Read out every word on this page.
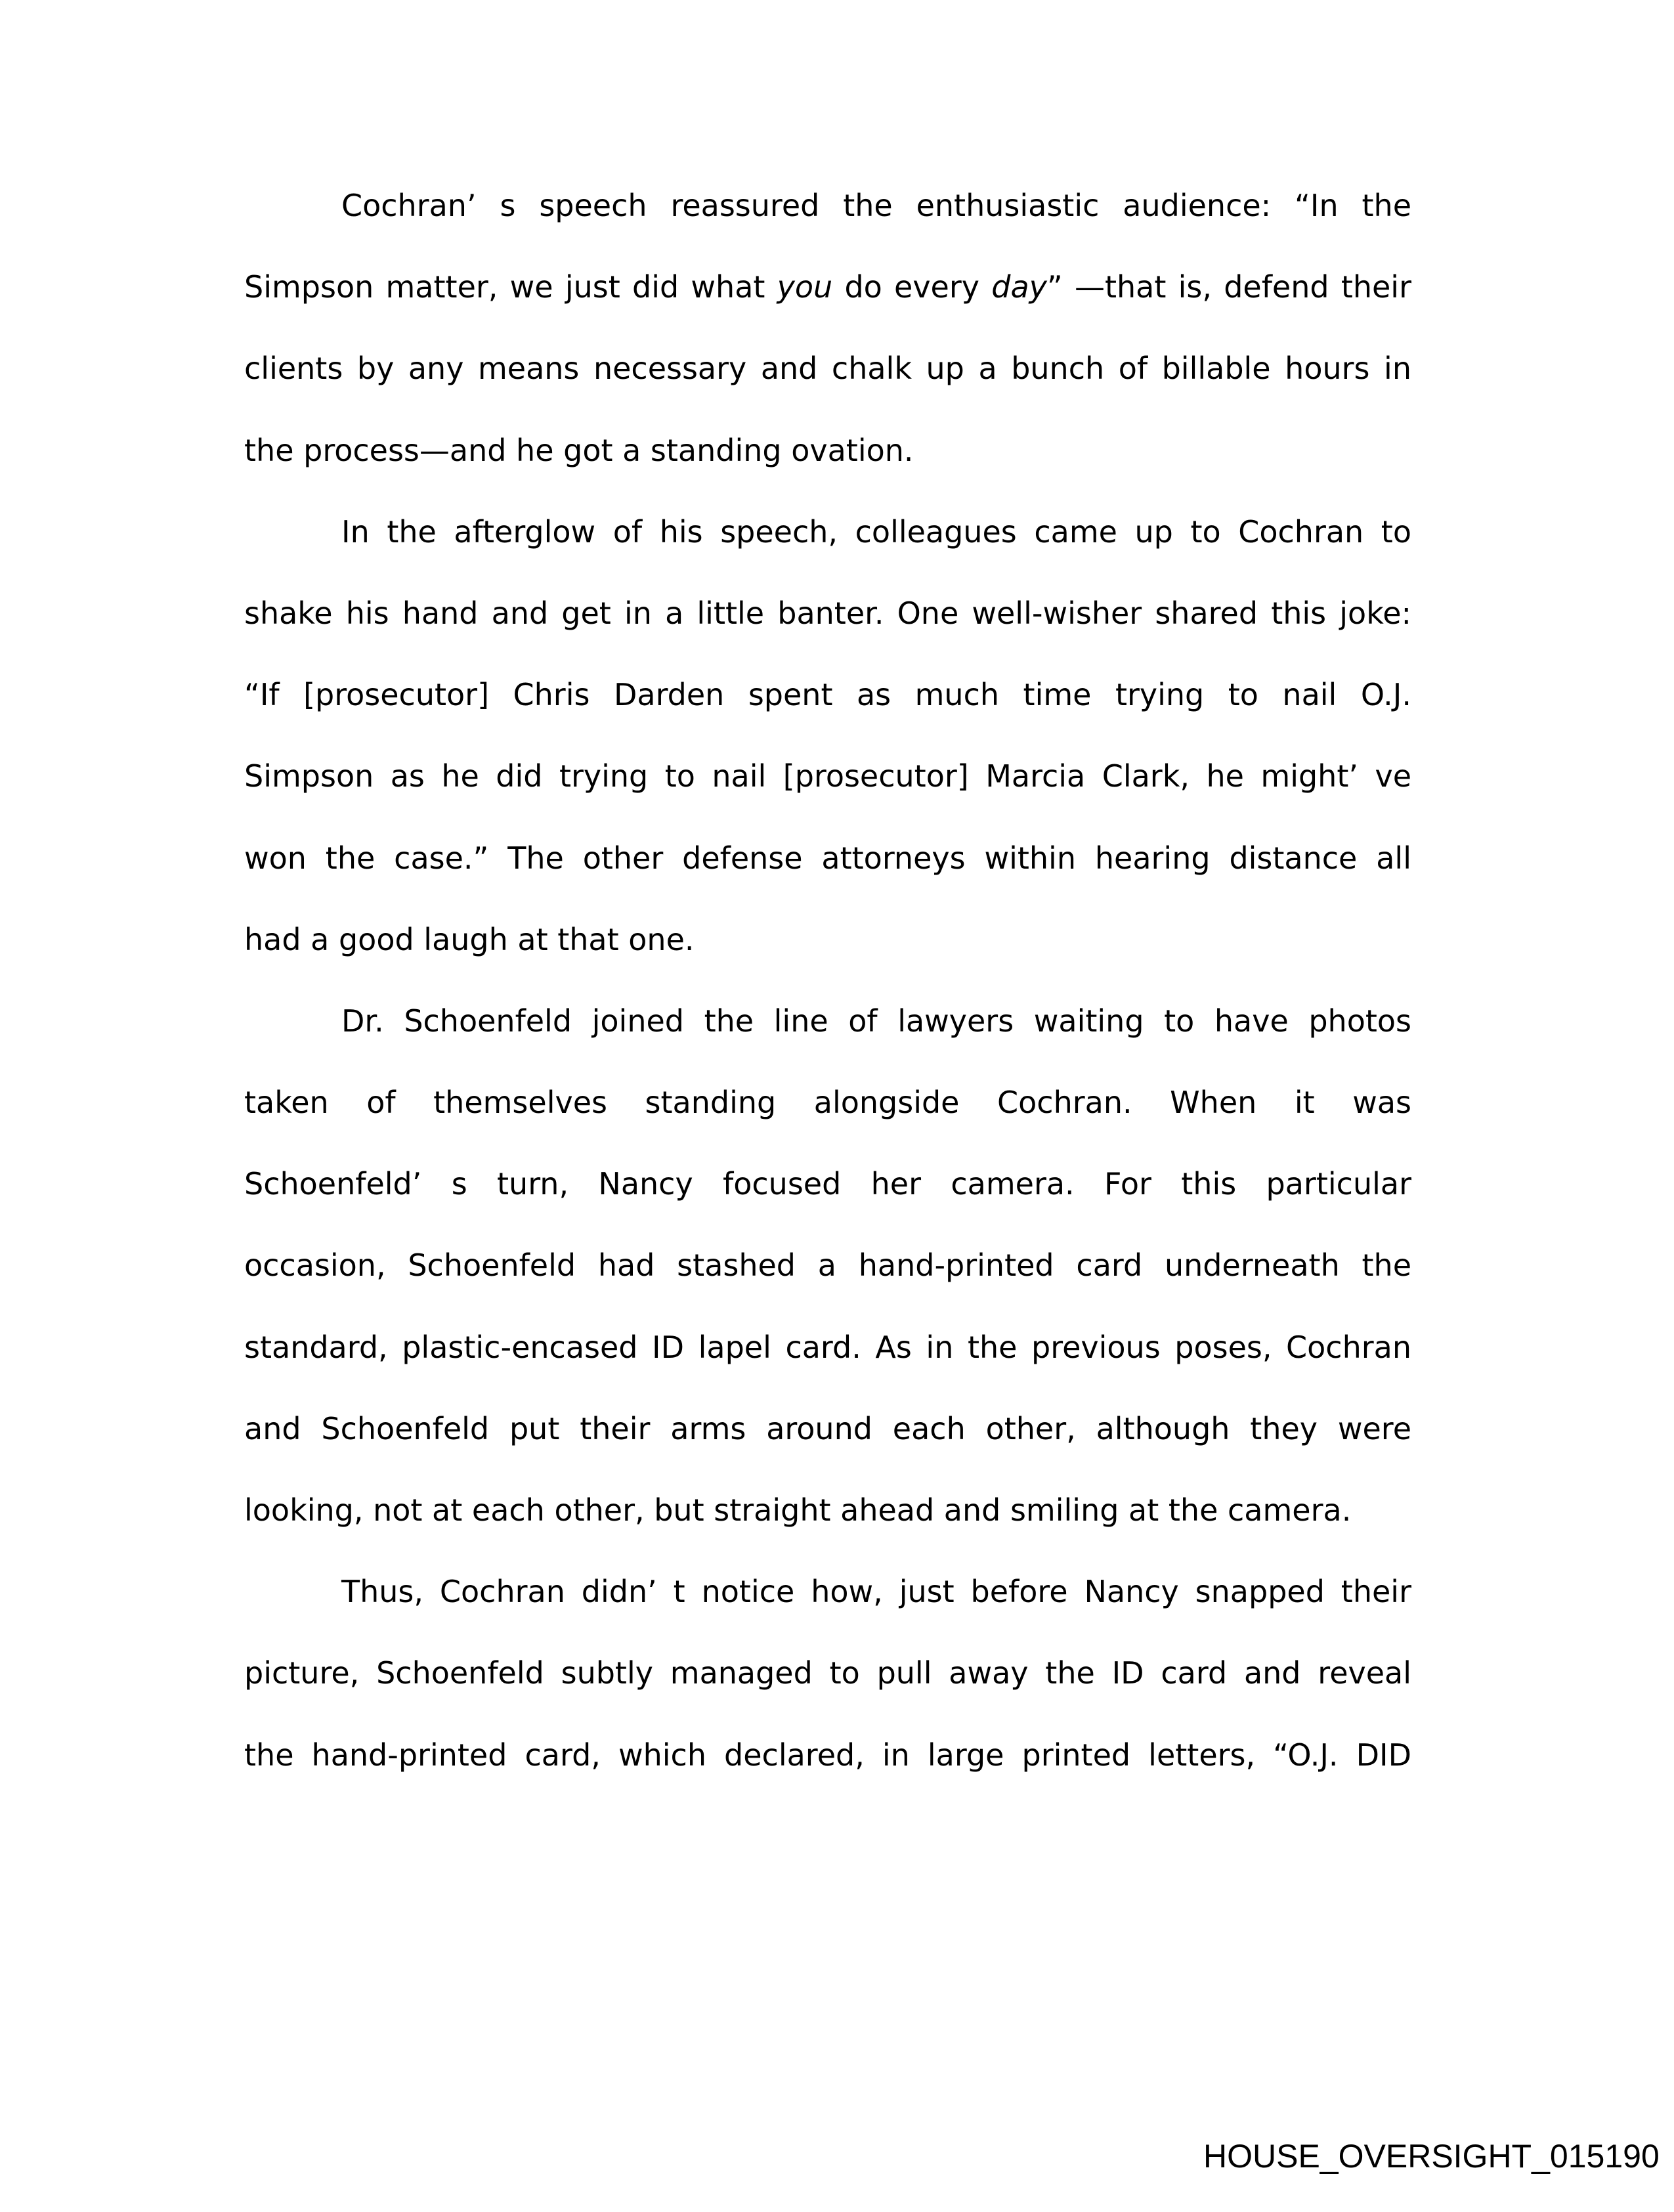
Cochran’ s speech reassured the enthusiastic audience: “In the
Simpson matter, we just did what you do every day” —that is, defend their
clients by any means necessary and chalk up a bunch of billable hours in
the process—and he got a standing ovation.
In the afterglow of his speech, colleagues came up to Cochran to
shake his hand and get in a little banter. One well-wisher shared this joke:
“If [prosecutor] Chris Darden spent as much time trying to nail O.J.
Simpson as he did trying to nail [prosecutor] Marcia Clark, he might’ ve
won the case.” The other defense attorneys within hearing distance all
had a good laugh at that one.
Dr. Schoenfeld joined the line of lawyers waiting to have photos
taken of themselves standing alongside Cochran. When it was
Schoenfeld’ s turn, Nancy focused her camera. For this particular
occasion, Schoenfeld had stashed a hand-printed card underneath the
standard, plastic-encased ID lapel card. As in the previous poses, Cochran
and Schoenfeld put their arms around each other, although they were
looking, not at each other, but straight ahead and smiling at the camera.
Thus, Cochran didn’ t notice how, just before Nancy snapped their
picture, Schoenfeld subtly managed to pull away the ID card and reveal
the hand-printed card, which declared, in large printed letters, “O.J. DID
HOUSE_OVERSIGHT_015190
